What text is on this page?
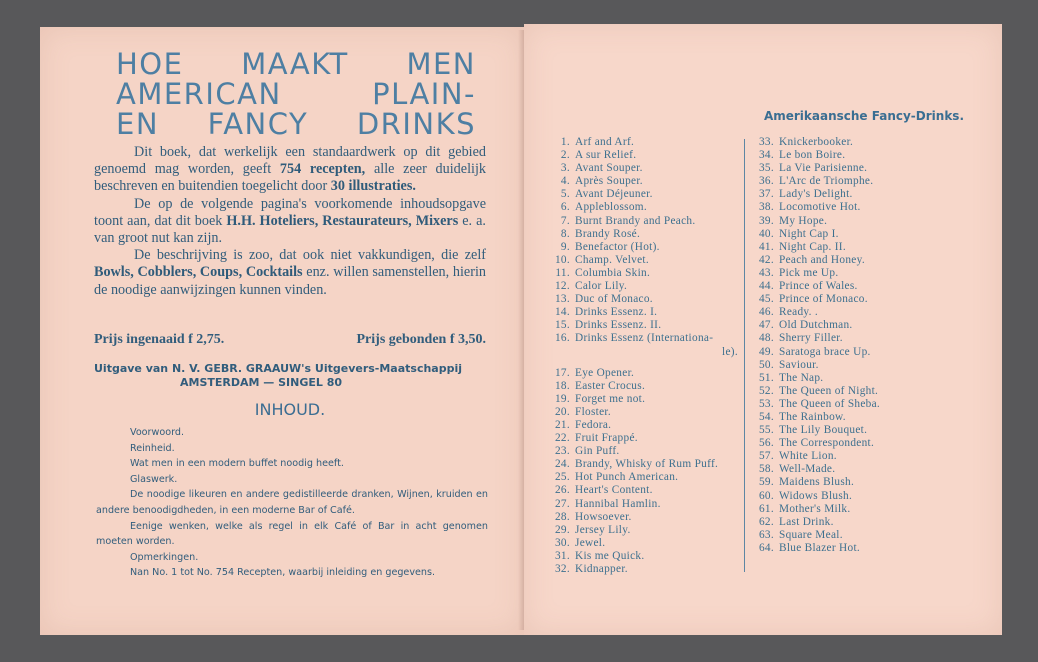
HOE MAAKT MEN
AMERICAN PLAIN-
EN FANCY DRINKS

Dit boek, dat werkelijk een standaardwerk op dit gebied genoemd mag worden, geeft 754 recepten, alle zeer duidelijk beschreven en buitendien toegelicht door 30 illustraties.

De op de volgende pagina's voorkomende inhoudsopgave toont aan, dat dit boek H.H. Hoteliers, Restaurateurs, Mixers e. a. van groot nut kan zijn.

De beschrijving is zoo, dat ook niet vakkundigen, die zelf Bowls, Cobblers, Coups, Cocktails enz. willen samenstellen, hierin de noodige aanwijzingen kunnen vinden.

Prijs ingenaaid f 2,75.	Prijs gebonden f 3,50.
Uitgave van N. V. GEBR. GRAAUW's Uitgevers-Maatschappij
AMSTERDAM — SINGEL 80
INHOUD.
Voorwoord.
Reinheid.
Wat men in een modern buffet noodig heeft.
Glaswerk.
De noodige likeuren en andere gedistilleerde dranken, Wijnen, kruiden en andere benoodigdheden, in een moderne Bar of Café.
Eenige wenken, welke als regel in elk Café of Bar in acht genomen moeten worden.
Opmerkingen.
Nan No. 1 tot No. 754 Recepten, waarbij inleiding en gegevens.
Amerikaansche Fancy-Drinks.
1. Arf and Arf.
2. A sur Relief.
3. Avant Souper.
4. Après Souper.
5. Avant Déjeuner.
6. Appleblossom.
7. Burnt Brandy and Peach.
8. Brandy Rosé.
9. Benefactor (Hot).
10. Champ. Velvet.
11. Columbia Skin.
12. Calor Lily.
13. Duc of Monaco.
14. Drinks Essenz. I.
15. Drinks Essenz. II.
16. Drinks Essenz (Internationa-
le).
17. Eye Opener.
18. Easter Crocus.
19. Forget me not.
20. Floster.
21. Fedora.
22. Fruit Frappé.
23. Gin Puff.
24. Brandy, Whisky of Rum Puff.
25. Hot Punch American.
26. Heart's Content.
27. Hannibal Hamlin.
28. Howsoever.
29. Jersey Lily.
30. Jewel.
31. Kis me Quick.
32. Kidnapper.
33. Knickerbooker.
34. Le bon Boire.
35. La Vie Parisienne.
36. L'Arc de Triomphe.
37. Lady's Delight.
38. Locomotive Hot.
39. My Hope.
40. Night Cap I.
41. Night Cap. II.
42. Peach and Honey.
43. Pick me Up.
44. Prince of Wales.
45. Prince of Monaco.
46. Ready. .
47. Old Dutchman.
48. Sherry Filler.
49. Saratoga brace Up.
50. Saviour.
51. The Nap.
52. The Queen of Night.
53. The Queen of Sheba.
54. The Rainbow.
55. The Lily Bouquet.
56. The Correspondent.
57. White Lion.
58. Well-Made.
59. Maidens Blush.
60. Widows Blush.
61. Mother's Milk.
62. Last Drink.
63. Square Meal.
64. Blue Blazer Hot.
